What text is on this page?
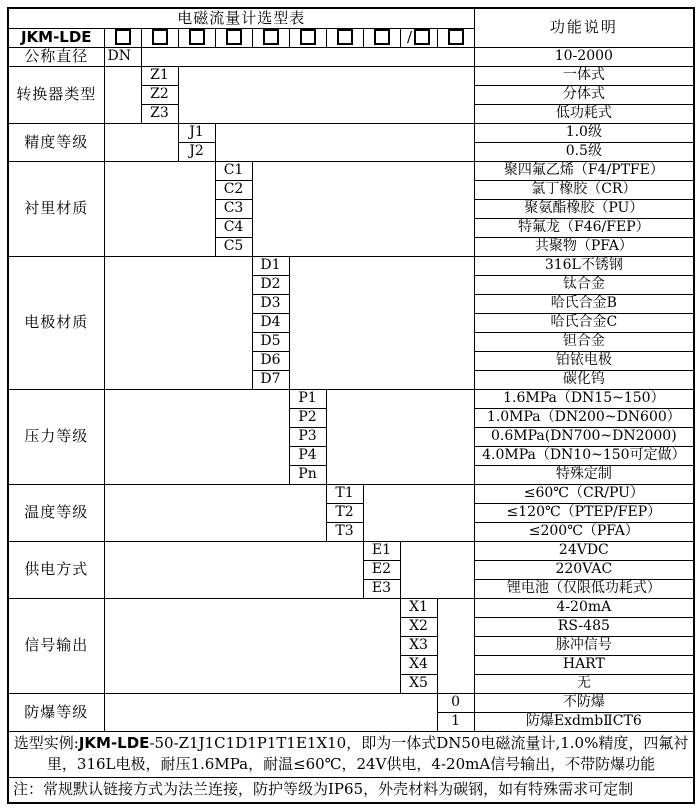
电磁流量计选型表											功能说明
JKM-LDE									/		
公称直径	DN										10-2000
转换器类型		Z1									一体式
		Z2									分体式
		Z3									低功耗式
精度等级			J1								1.0级
			J2								0.5级
衬里材质				C1							聚四氟乙烯（F4/PTFE）
				C2							氯丁橡胶（CR）
				C3							聚氨酯橡胶（PU）
				C4							特氟龙（F46/FEP）
				C5							共聚物（PFA）
电极材质					D1						316L不锈钢
					D2						钛合金
					D3						哈氏合金B
					D4						哈氏合金C
					D5						钽合金
					D6						铂铱电极
					D7						碳化钨
压力等级						P1					1.6MPa（DN15~150）
						P2					1.0MPa（DN200~DN600）
						P3					0.6MPa(DN700~DN2000)
						P4					4.0MPa（DN10~150可定做）
						Pn					特殊定制
温度等级							T1				≤60℃（CR/PU）
							T2				≤120℃（PTEP/FEP）
							T3				≤200℃（PFA）
供电方式								E1			24VDC
								E2			220VAC
								E3			锂电池（仅限低功耗式）
信号输出									X1		4-20mA
									X2		RS-485
									X3		脉冲信号
									X4		HART
									X5		无
防爆等级										0	不防爆
										1	防爆ExdmbⅡCT6
选型实例:JKM-LDE-50-Z1J1C1D1P1T1E1X10，即为一体式DN50电磁流量计,1.0%精度，四氟衬里，316L电极，耐压1.6MPa，耐温≤60℃，24V供电，4-20mA信号输出，不带防爆功能											
注：常规默认链接方式为法兰连接，防护等级为IP65，外壳材料为碳钢，如有特殊需求可定制											
